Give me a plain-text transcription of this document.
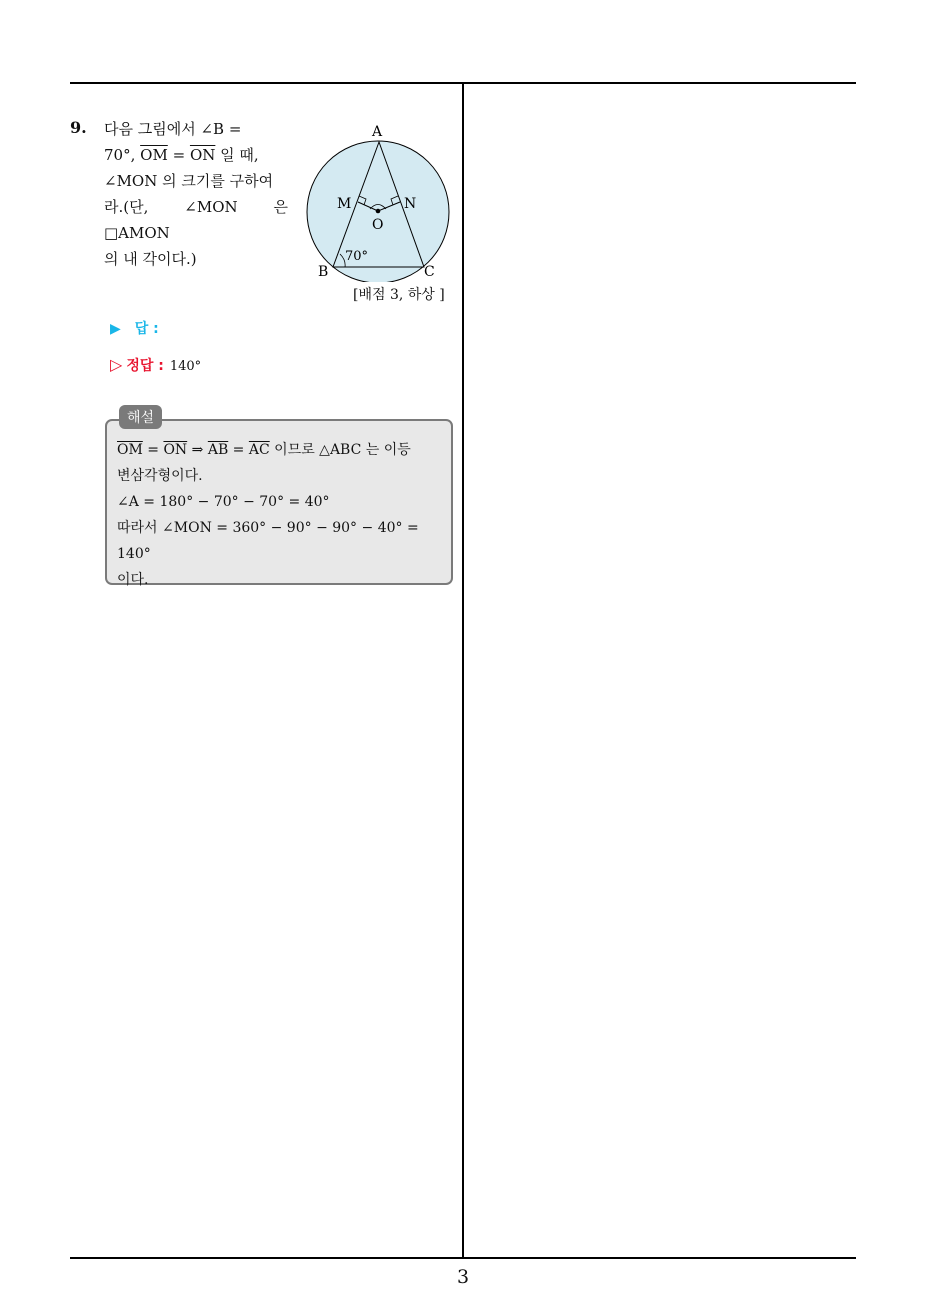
9. 다음 그림에서 ∠B =
70°, $\overline{OM} = \overline{ON}$ 일 때,
∠MON 의 크기를 구하여
라.(단, ∠MON 은 □AMON
의 내 각이다.)
A
B	C
M	N
O
70°
[배점 3, 하상 ]
▶ 답 :
▷ 정답 : 140°
해설
$\overline{OM} = \overline{ON}$ ⇒ $\overline{AB} = \overline{AC}$ 이므로 △ABC 는 이등
변삼각형이다.
∠A = 180° − 70° − 70° = 40°
따라서 ∠MON = 360° − 90° − 90° − 40° = 140°
이다.
3
